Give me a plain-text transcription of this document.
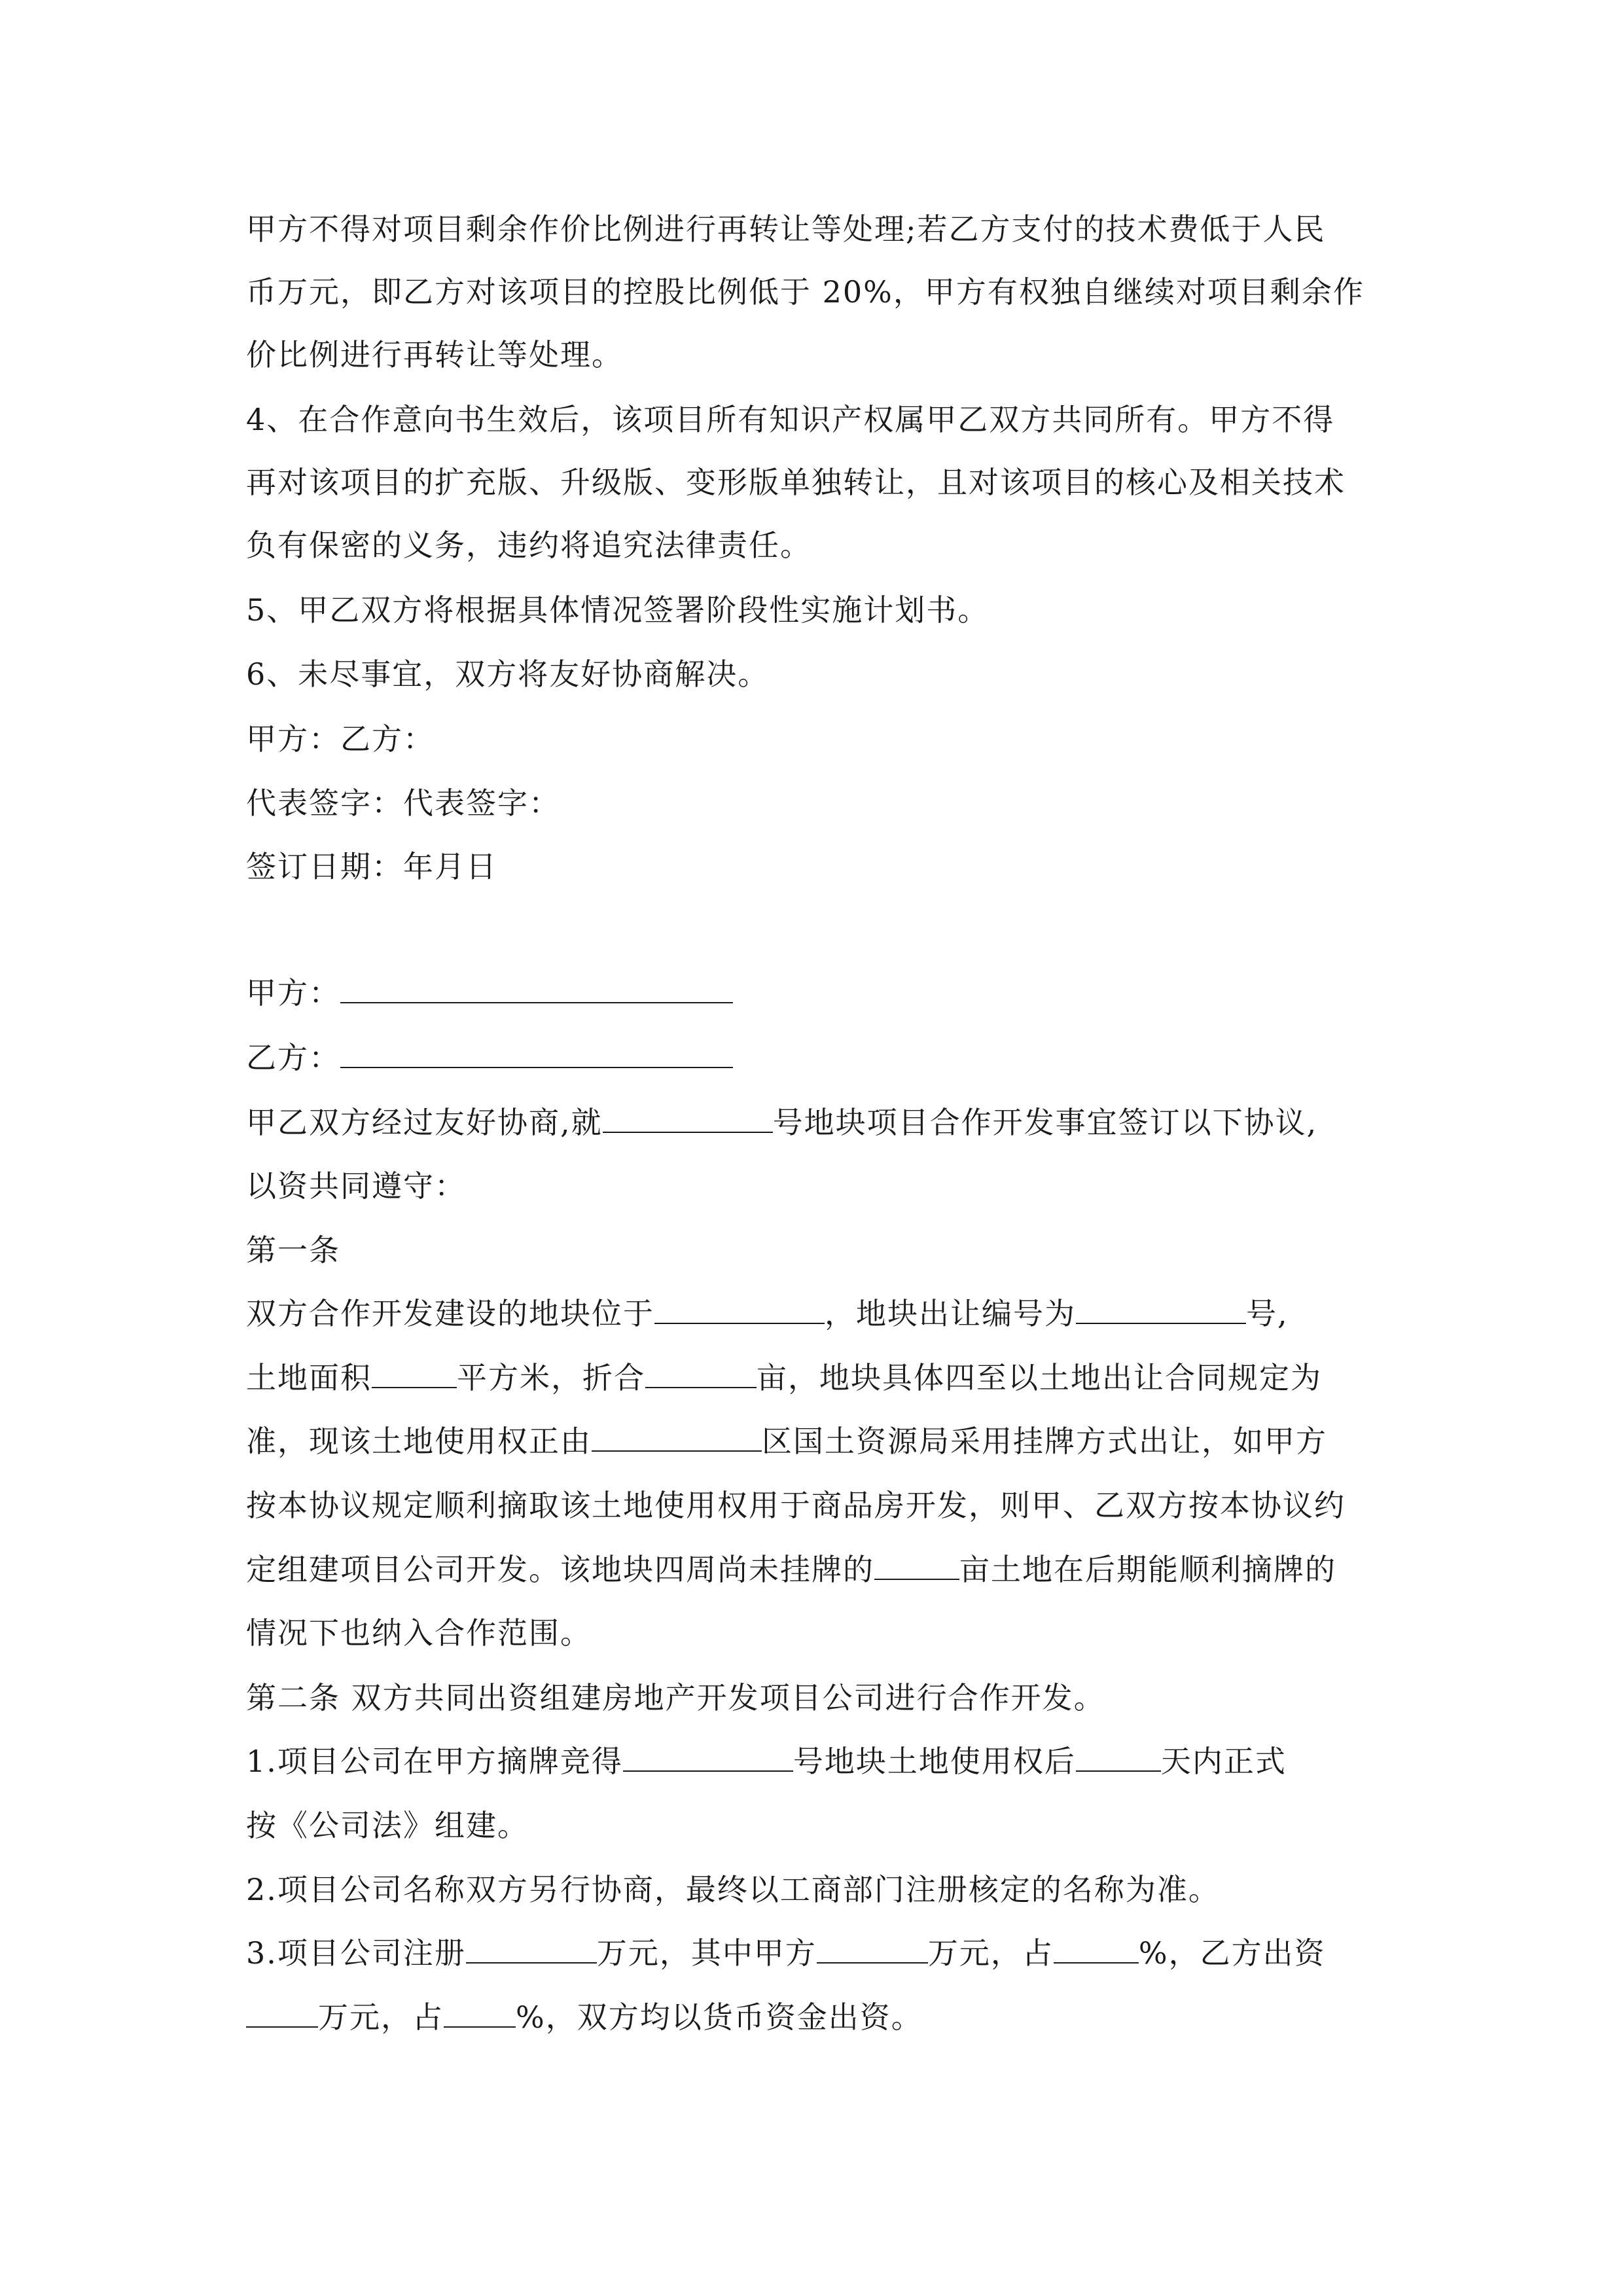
甲方不得对项目剩余作价比例进行再转让等处理;若乙方支付的技术费低于人民
币万元，即乙方对该项目的控股比例低于 20%，甲方有权独自继续对项目剩余作
价比例进行再转让等处理。
4、在合作意向书生效后，该项目所有知识产权属甲乙双方共同所有。甲方不得
再对该项目的扩充版、升级版、变形版单独转让，且对该项目的核心及相关技术
负有保密的义务，违约将追究法律责任。
5、甲乙双方将根据具体情况签署阶段性实施计划书。
6、未尽事宜，双方将友好协商解决。
甲方：乙方：
代表签字：代表签字：
签订日期：年月日
甲方：
乙方：
甲乙双方经过友好协商,就	号地块项目合作开发事宜签订以下协议,
以资共同遵守：
第一条
双方合作开发建设的地块位于	，地块出让编号为	号,
土地面积	平方米，折合	亩，地块具体四至以土地出让合同规定为
准，现该土地使用权正由	区国土资源局采用挂牌方式出让，如甲方
按本协议规定顺利摘取该土地使用权用于商品房开发，则甲、乙双方按本协议约
定组建项目公司开发。该地块四周尚未挂牌的	亩土地在后期能顺利摘牌的
情况下也纳入合作范围。
第二条 双方共同出资组建房地产开发项目公司进行合作开发。
1.项目公司在甲方摘牌竞得	号地块土地使用权后	天内正式
按《公司法》组建。
2.项目公司名称双方另行协商，最终以工商部门注册核定的名称为准。
3.项目公司注册	万元，其中甲方	万元，占	%，乙方出资
万元，占 %，双方均以货币资金出资。
